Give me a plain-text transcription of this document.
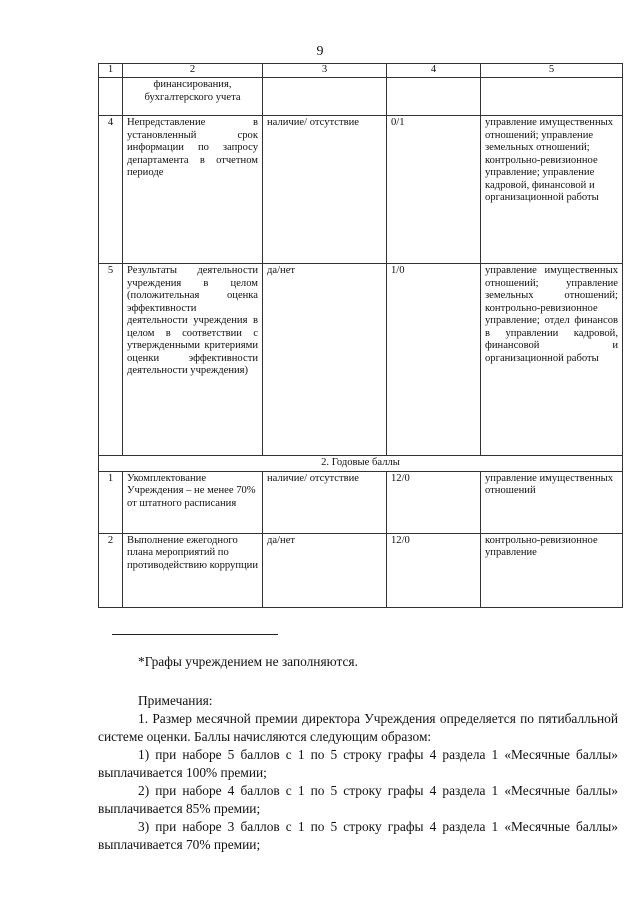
9
1	2	3	4	5
	финансирования, бухгалтерского учета			
4	Непредставление в установленный срок информации по запросу департамента в отчетном периоде	наличие/ отсутствие	0/1	управление имущественных отношений; управление земельных отношений; контрольно-ревизионное управление; управление кадровой, финансовой и организационной работы
5	Результаты деятельности учреждения в целом (положительная оценка эффективности деятельности учреждения в целом в соответствии с утвержденными критериями оценки эффективности деятельности учреждения)	да/нет	1/0	управление имущественных отношений; управление земельных отношений; контрольно-ревизионное управление; отдел финансов в управлении кадровой, финансовой и организационной работы
2. Годовые баллы				
1	Укомплектование Учреждения – не менее 70% от штатного расписания	наличие/ отсутствие	12/0	управление имущественных отношений
2	Выполнение ежегодного плана мероприятий по противодействию коррупции	да/нет	12/0	контрольно-ревизионное управление
*Графы учреждением не заполняются.

Примечания:

1. Размер месячной премии директора Учреждения определяется по пятибалльной системе оценки. Баллы начисляются следующим образом:

1) при наборе 5 баллов с 1 по 5 строку графы 4 раздела 1 «Месячные баллы» выплачивается 100% премии;

2) при наборе 4 баллов с 1 по 5 строку графы 4 раздела 1 «Месячные баллы» выплачивается 85% премии;

3) при наборе 3 баллов с 1 по 5 строку графы 4 раздела 1 «Месячные баллы» выплачивается 70% премии;
